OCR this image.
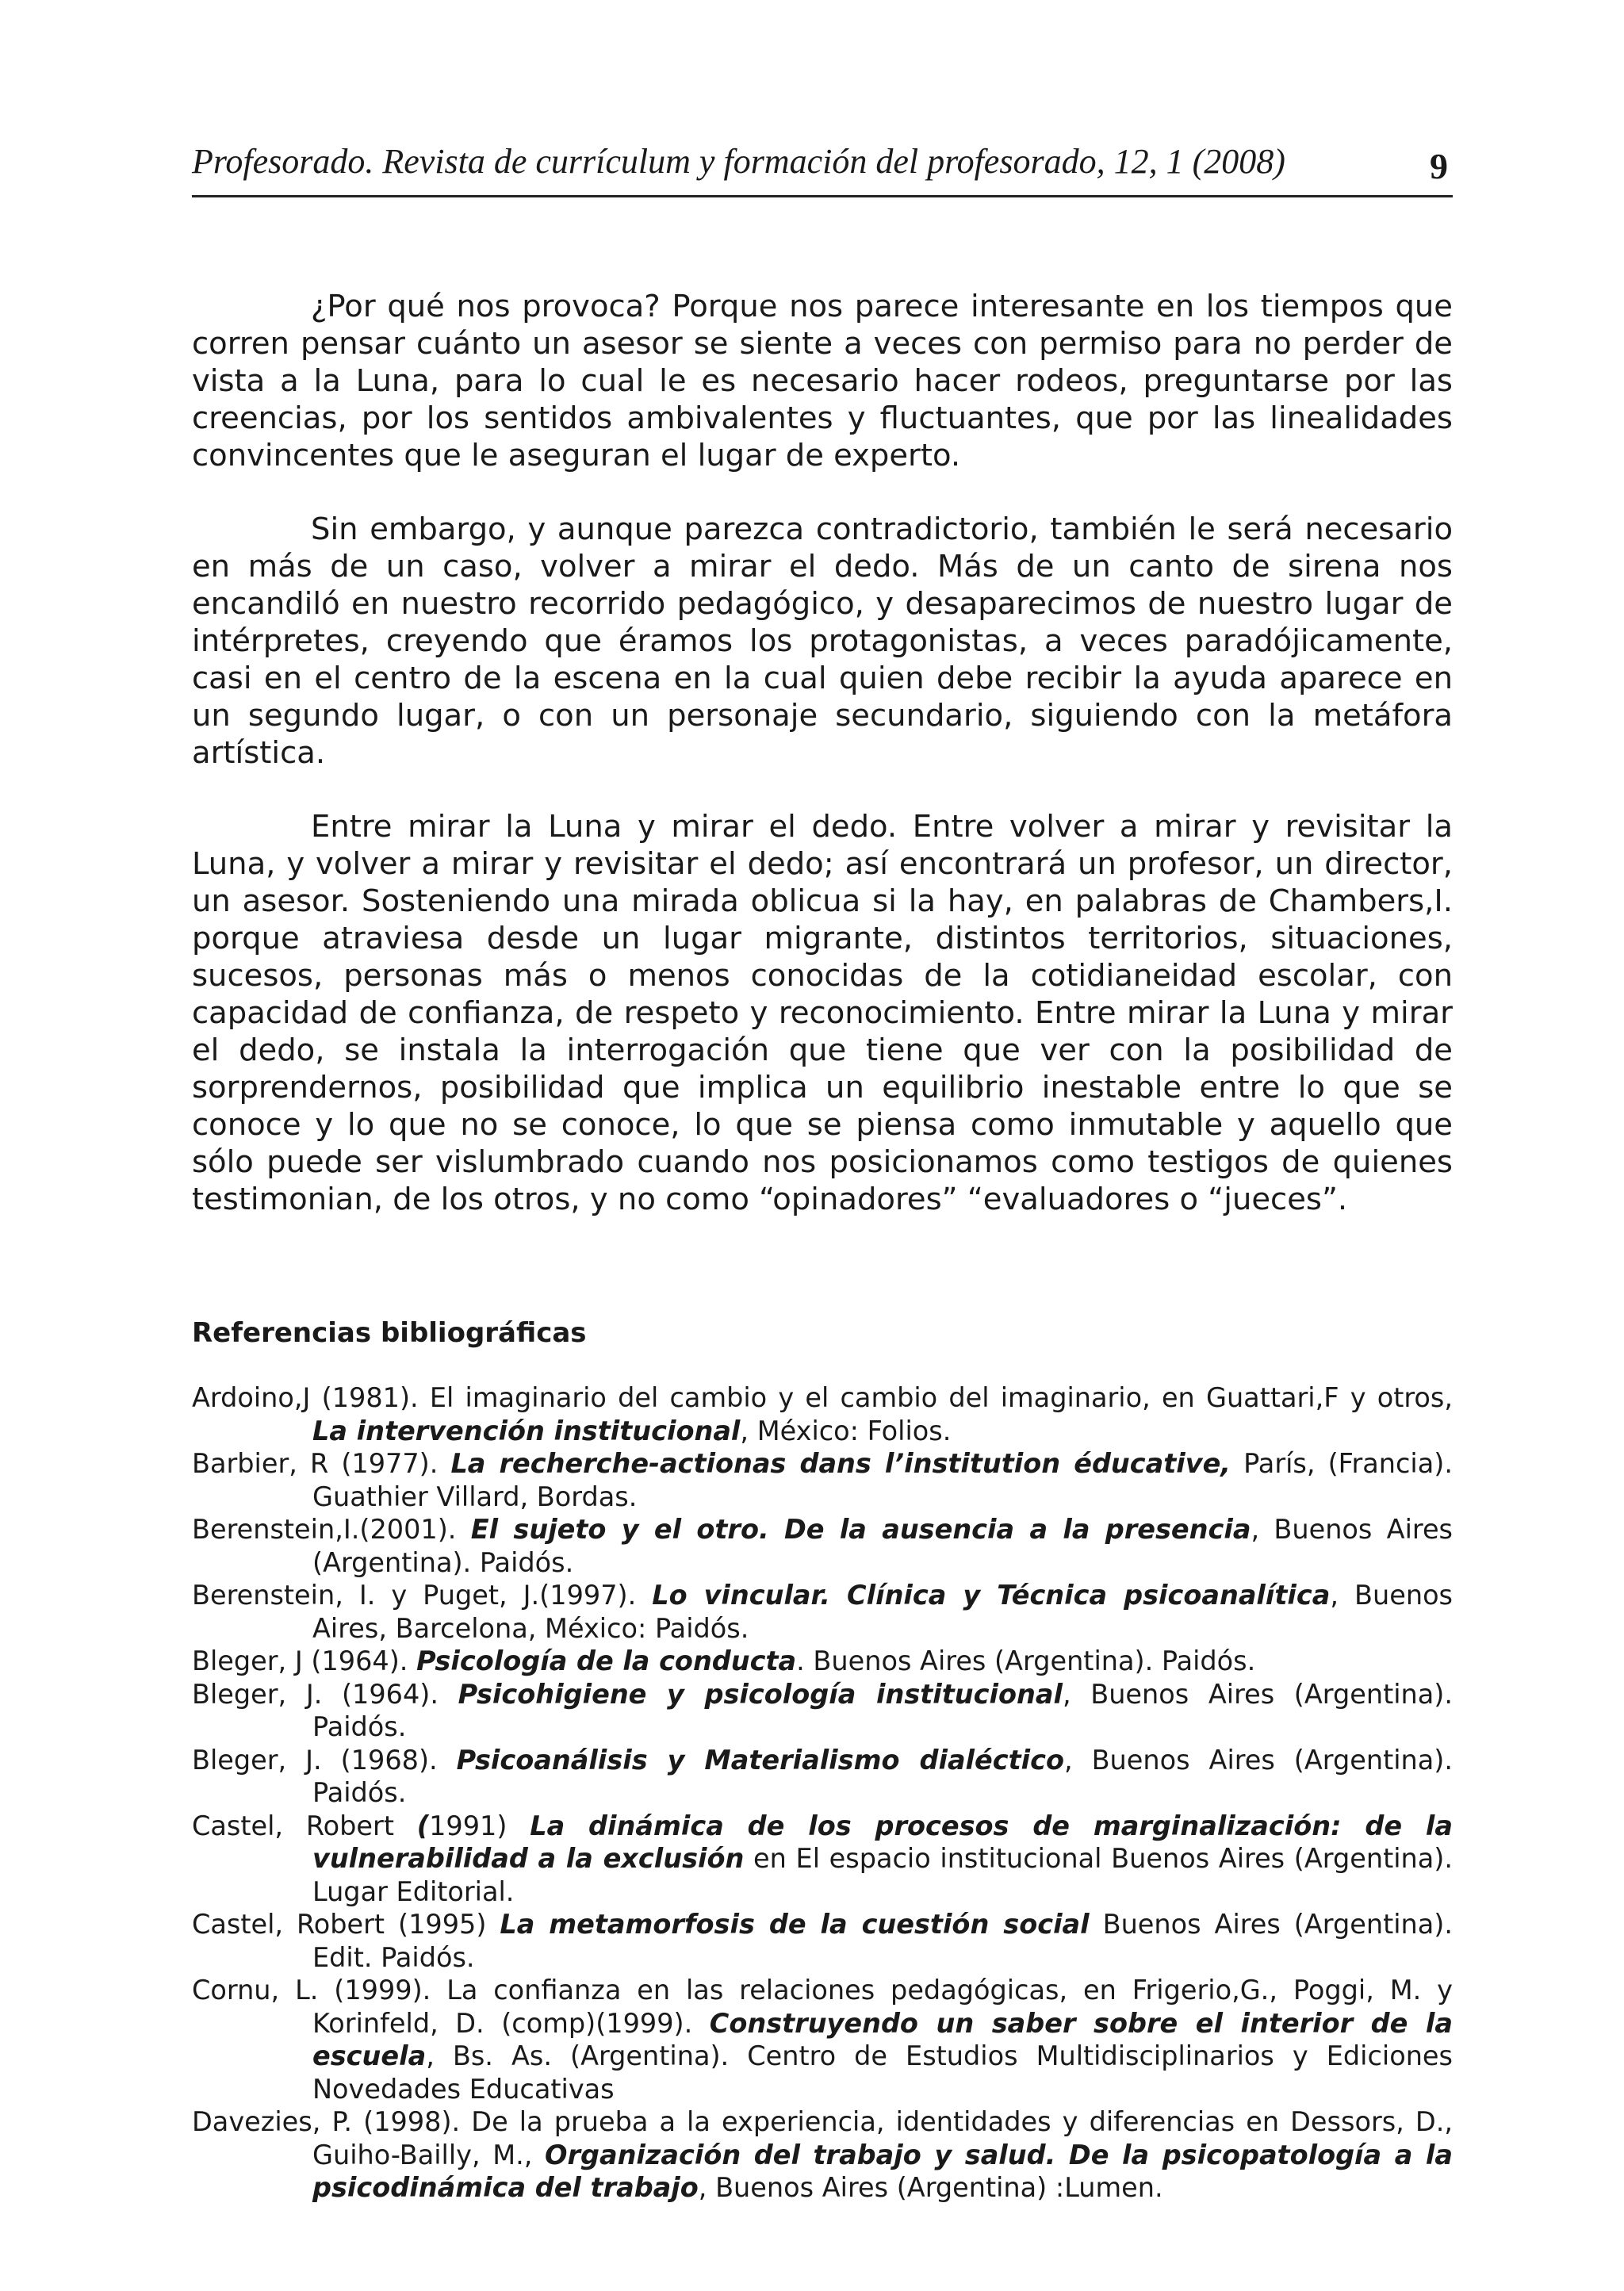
Profesorado. Revista de currículum y formación del profesorado, 12, 1 (2008)	9

¿Por qué nos provoca? Porque nos parece interesante en los tiempos que corren pensar cuánto un asesor se siente a veces con permiso para no perder de vista a la Luna, para lo cual le es necesario hacer rodeos, preguntarse por las creencias, por los sentidos ambivalentes y fluctuantes, que por las linealidades convincentes que le aseguran el lugar de experto.

Sin embargo, y aunque parezca contradictorio, también le será necesario en más de un caso, volver a mirar el dedo. Más de un canto de sirena nos encandiló en nuestro recorrido pedagógico, y desaparecimos de nuestro lugar de intérpretes, creyendo que éramos los protagonistas, a veces paradójicamente, casi en el centro de la escena en la cual quien debe recibir la ayuda aparece en un segundo lugar, o con un personaje secundario, siguiendo con la metáfora artística.

Entre mirar la Luna y mirar el dedo. Entre volver a mirar y revisitar la Luna, y volver a mirar y revisitar el dedo; así encontrará un profesor, un director, un asesor. Sosteniendo una mirada oblicua si la hay, en palabras de Chambers,I. porque atraviesa desde un lugar migrante, distintos territorios, situaciones, sucesos, personas más o menos conocidas de la cotidianeidad escolar, con capacidad de confianza, de respeto y reconocimiento. Entre mirar la Luna y mirar el dedo, se instala la interrogación que tiene que ver con la posibilidad de sorprendernos, posibilidad que implica un equilibrio inestable entre lo que se conoce y lo que no se conoce, lo que se piensa como inmutable y aquello que sólo puede ser vislumbrado cuando nos posicionamos como testigos de quienes testimonian, de los otros, y no como “opinadores” “evaluadores o “jueces”.

Referencias bibliográficas

Ardoino,J (1981). El imaginario del cambio y el cambio del imaginario, en Guattari,F y otros, La intervención institucional, México: Folios.

Barbier, R (1977). La recherche-actionas dans l’institution éducative, París, (Francia). Guathier Villard, Bordas.

Berenstein,I.(2001). El sujeto y el otro. De la ausencia a la presencia, Buenos Aires (Argentina). Paidós.

Berenstein, I. y Puget, J.(1997). Lo vincular. Clínica y Técnica psicoanalítica, Buenos Aires, Barcelona, México: Paidós.

Bleger, J (1964). Psicología de la conducta. Buenos Aires (Argentina). Paidós.

Bleger, J. (1964). Psicohigiene y psicología institucional, Buenos Aires (Argentina). Paidós.

Bleger, J. (1968). Psicoanálisis y Materialismo dialéctico, Buenos Aires (Argentina). Paidós.

Castel, Robert (1991) La dinámica de los procesos de marginalización: de la vulnerabilidad a la exclusión en El espacio institucional Buenos Aires (Argentina). Lugar Editorial.

Castel, Robert (1995) La metamorfosis de la cuestión social Buenos Aires (Argentina). Edit. Paidós.

Cornu, L. (1999). La confianza en las relaciones pedagógicas, en Frigerio,G., Poggi, M. y Korinfeld, D. (comp)(1999). Construyendo un saber sobre el interior de la escuela, Bs. As. (Argentina). Centro de Estudios Multidisciplinarios y Ediciones Novedades Educativas

Davezies, P. (1998). De la prueba a la experiencia, identidades y diferencias en Dessors, D., Guiho-Bailly, M., Organización del trabajo y salud. De la psicopatología a la psicodinámica del trabajo, Buenos Aires (Argentina) :Lumen.
